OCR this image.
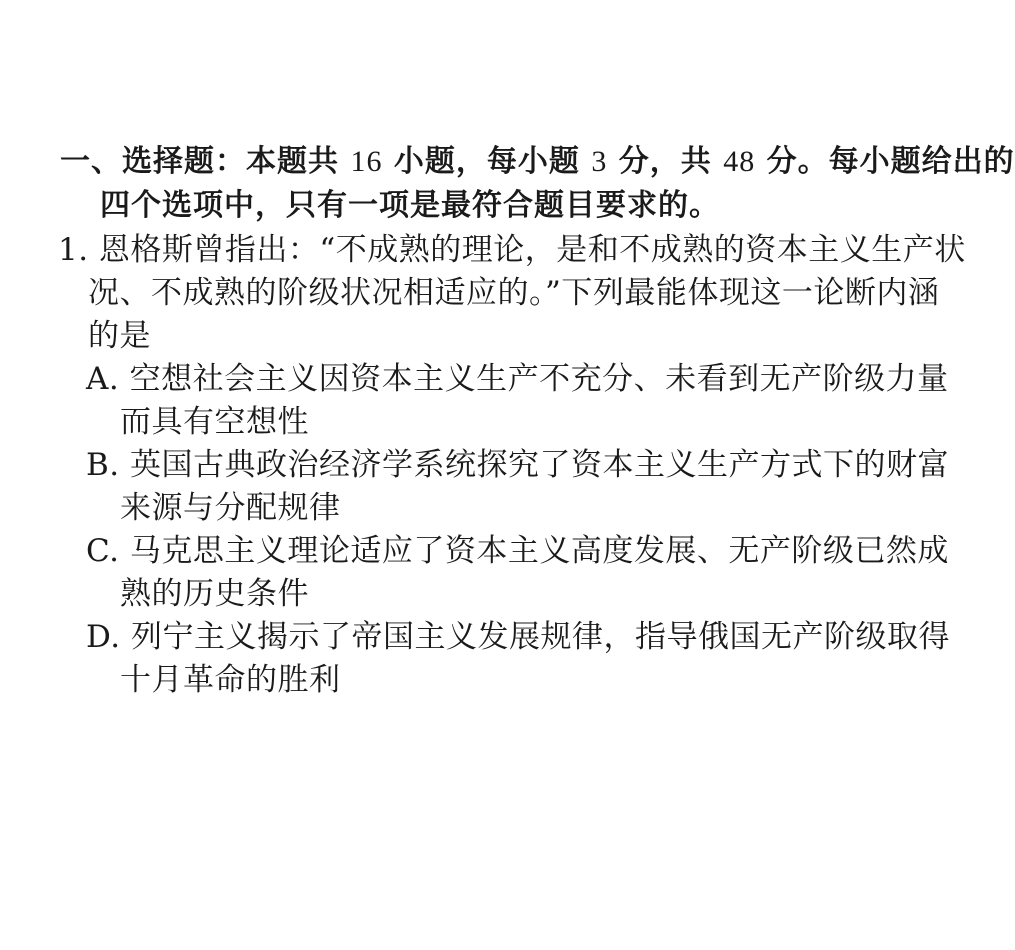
一、选择题：本题共 16 小题，每小题 3 分，共 48 分。每小题给出的
四个选项中，只有一项是最符合题目要求的。
1. 恩格斯曾指出：“不成熟的理论，是和不成熟的资本主义生产状
况、不成熟的阶级状况相适应的。”下列最能体现这一论断内涵
的是
A. 空想社会主义因资本主义生产不充分、未看到无产阶级力量
而具有空想性
B. 英国古典政治经济学系统探究了资本主义生产方式下的财富
来源与分配规律
C. 马克思主义理论适应了资本主义高度发展、无产阶级已然成
熟的历史条件
D. 列宁主义揭示了帝国主义发展规律，指导俄国无产阶级取得
十月革命的胜利
